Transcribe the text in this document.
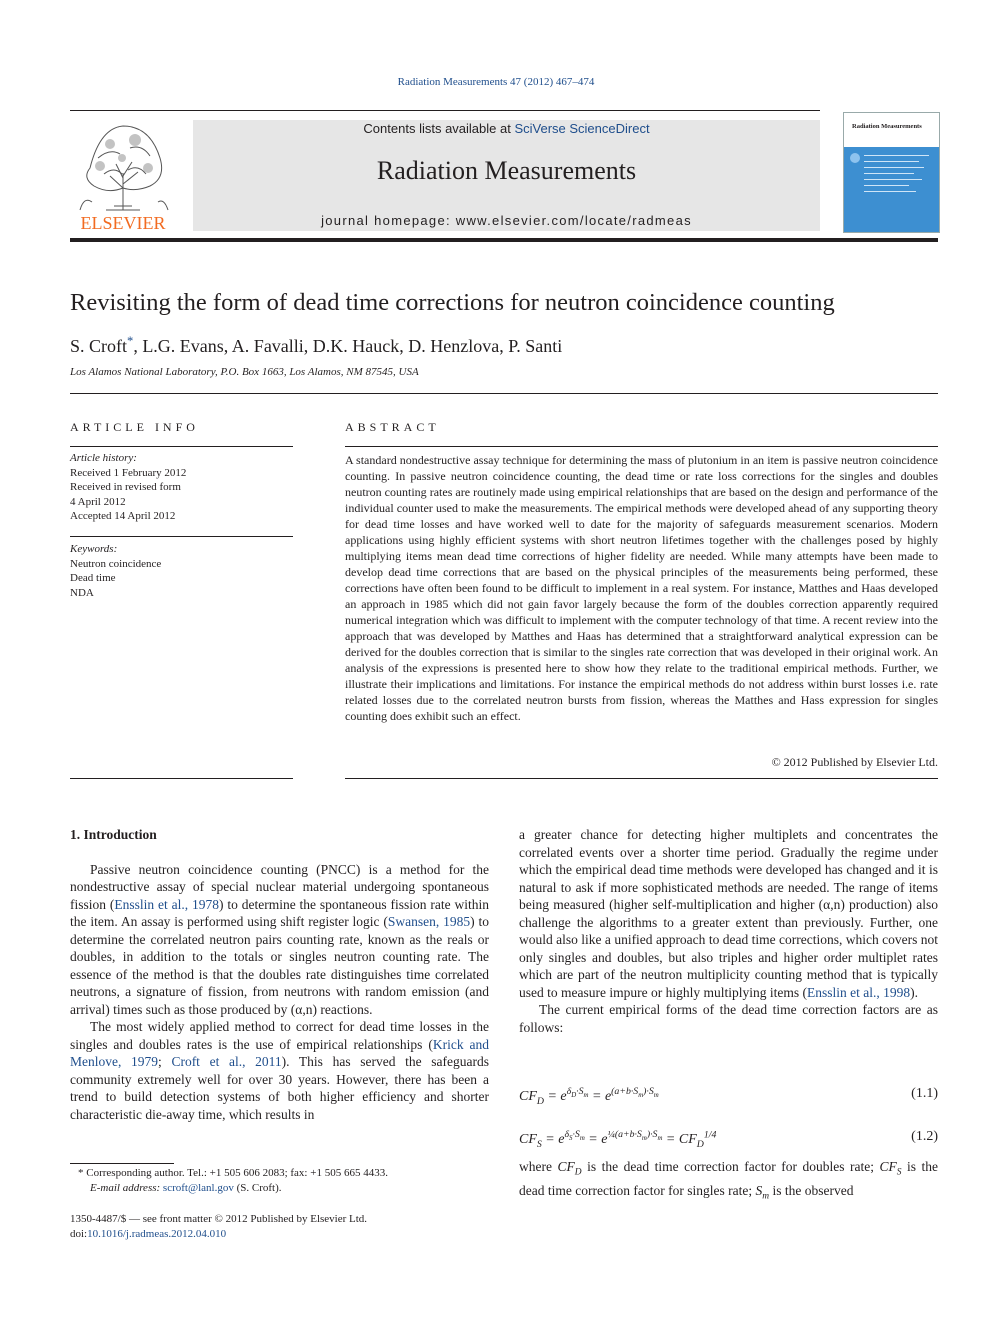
Radiation Measurements 47 (2012) 467–474
ELSEVIER
Contents lists available at SciVerse ScienceDirect
Radiation Measurements
journal homepage: www.elsevier.com/locate/radmeas
Radiation Measurements
Revisiting the form of dead time corrections for neutron coincidence counting
S. Croft*, L.G. Evans, A. Favalli, D.K. Hauck, D. Henzlova, P. Santi
Los Alamos National Laboratory, P.O. Box 1663, Los Alamos, NM 87545, USA
ARTICLE INFO	ABSTRACT
Article history:
Received 1 February 2012
Received in revised form
4 April 2012
Accepted 14 April 2012
Keywords:
Neutron coincidence
Dead time
NDA
A standard nondestructive assay technique for determining the mass of plutonium in an item is passive neutron coincidence counting. In passive neutron coincidence counting, the dead time or rate loss corrections for the singles and doubles neutron counting rates are routinely made using empirical relationships that are based on the design and performance of the individual counter used to make the measurements. The empirical methods were developed ahead of any supporting theory for dead time losses and have worked well to date for the majority of safeguards measurement scenarios. Modern applications using highly efficient systems with short neutron lifetimes together with the challenges posed by highly multiplying items mean dead time corrections of higher fidelity are needed. While many attempts have been made to develop dead time corrections that are based on the physical principles of the measurements being performed, these corrections have often been found to be difficult to implement in a real system. For instance, Matthes and Haas developed an approach in 1985 which did not gain favor largely because the form of the doubles correction apparently required numerical integration which was difficult to implement with the computer technology of that time. A recent review into the approach that was developed by Matthes and Haas has determined that a straightforward analytical expression can be derived for the doubles correction that is similar to the singles rate correction that was developed in their original work. An analysis of the expressions is presented here to show how they relate to the traditional empirical methods. Further, we illustrate their implications and limitations. For instance the empirical methods do not address within burst losses i.e. rate related losses due to the correlated neutron bursts from fission, whereas the Matthes and Hass expression for singles counting does exhibit such an effect.
© 2012 Published by Elsevier Ltd.
1. Introduction

Passive neutron coincidence counting (PNCC) is a method for the nondestructive assay of special nuclear material undergoing spontaneous fission (Ensslin et al., 1978) to determine the spontaneous fission rate within the item. An assay is performed using shift register logic (Swansen, 1985) to determine the correlated neutron pairs counting rate, known as the reals or doubles, in addition to the totals or singles neutron counting rate. The essence of the method is that the doubles rate distinguishes time correlated neutrons, a signature of fission, from neutrons with random emission (and arrival) times such as those produced by (α,n) reactions.

The most widely applied method to correct for dead time losses in the singles and doubles rates is the use of empirical relationships (Krick and Menlove, 1979; Croft et al., 2011). This has served the safeguards community extremely well for over 30 years. However, there has been a trend to build detection systems of both higher efficiency and shorter characteristic die-away time, which results in

a greater chance for detecting higher multiplets and concentrates the correlated events over a shorter time period. Gradually the regime under which the empirical dead time methods were developed has changed and it is natural to ask if more sophisticated methods are needed. The range of items being measured (higher self-multiplication and higher (α,n) production) also challenge the algorithms to a greater extent than previously. Further, one would also like a unified approach to dead time corrections, which covers not only singles and doubles, but also triples and higher order multiplet rates which are part of the neutron multiplicity counting method that is typically used to measure impure or highly multiplying items (Ensslin et al., 1998).

The current empirical forms of the dead time correction factors are as follows:

$CF_D = e^{\delta_D\cdot S_m} = e^{(a+b\cdot S_m)\cdot S_m}$	(1.1)
$CF_S = e^{\delta_S\cdot S_m} = e^{\frac{1}{4}(a+b\cdot S_m)\cdot S_m} = CF_D^{1/4}$	(1.2)
where $CF_D$ is the dead time correction factor for doubles rate; $CF_S$ is the dead time correction factor for singles rate; $S_m$ is the observed
* Corresponding author. Tel.: +1 505 606 2083; fax: +1 505 665 4433.
E-mail address: scroft@lanl.gov (S. Croft).
1350-4487/$ — see front matter © 2012 Published by Elsevier Ltd.
doi:10.1016/j.radmeas.2012.04.010
